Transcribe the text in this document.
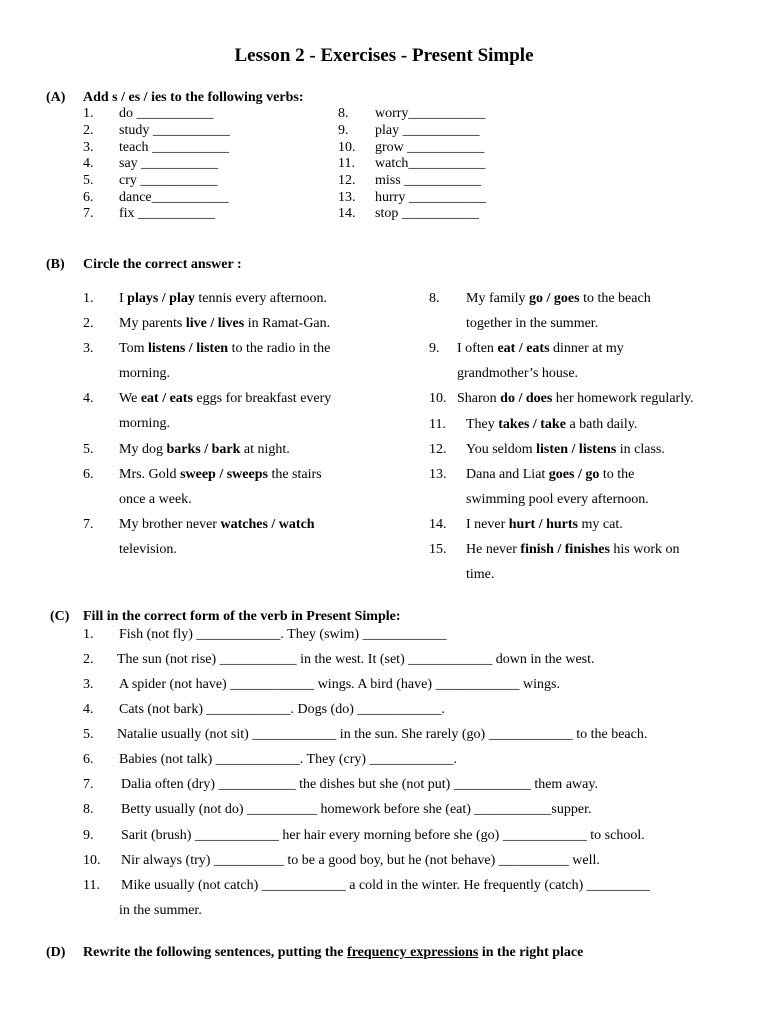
Lesson 2 - Exercises - Present Simple
(A) Add s / es / ies to the following verbs:
1. do ___________
2. study ___________
3. teach ___________
4. say ___________
5. cry ___________
6. dance___________
7. fix ___________
8. worry___________
9. play ___________
10. grow ___________
11. watch___________
12. miss ___________
13. hurry ___________
14. stop ___________
(B) Circle the correct answer :
1. I plays / play tennis every afternoon.
2. My parents live / lives in Ramat-Gan.
3. Tom listens / listen to the radio in the
morning.
4. We eat / eats eggs for breakfast every
morning.
5. My dog barks / bark at night.
6. Mrs. Gold sweep / sweeps the stairs
once a week.
7. My brother never watches / watch
television.
8. My family go / goes to the beach
together in the summer.
9. I often eat / eats dinner at my
grandmother’s house.
10. Sharon do / does her homework regularly.
11. They takes / take a bath daily.
12. You seldom listen / listens in class.
13. Dana and Liat goes / go to the
swimming pool every afternoon.
14. I never hurt / hurts my cat.
15. He never finish / finishes his work on
time.
(C) Fill in the correct form of the verb in Present Simple:
1. Fish (not fly) ____________. They (swim) ____________
2. The sun (not rise) ___________ in the west. It (set) ____________ down in the west.
3. A spider (not have) ____________ wings. A bird (have) ____________ wings.
4. Cats (not bark) ____________. Dogs (do) ____________.
5. Natalie usually (not sit) ____________ in the sun. She rarely (go) ____________ to the beach.
6. Babies (not talk) ____________. They (cry) ____________.
7. Dalia often (dry) ___________ the dishes but she (not put) ___________ them away.
8. Betty usually (not do) __________ homework before she (eat) ___________supper.
9. Sarit (brush) ____________ her hair every morning before she (go) ____________ to school.
10. Nir always (try) __________ to be a good boy, but he (not behave) __________ well.
11. Mike usually (not catch) ____________ a cold in the winter. He frequently (catch) _________
in the summer.
(D) Rewrite the following sentences, putting the frequency expressions in the right place
